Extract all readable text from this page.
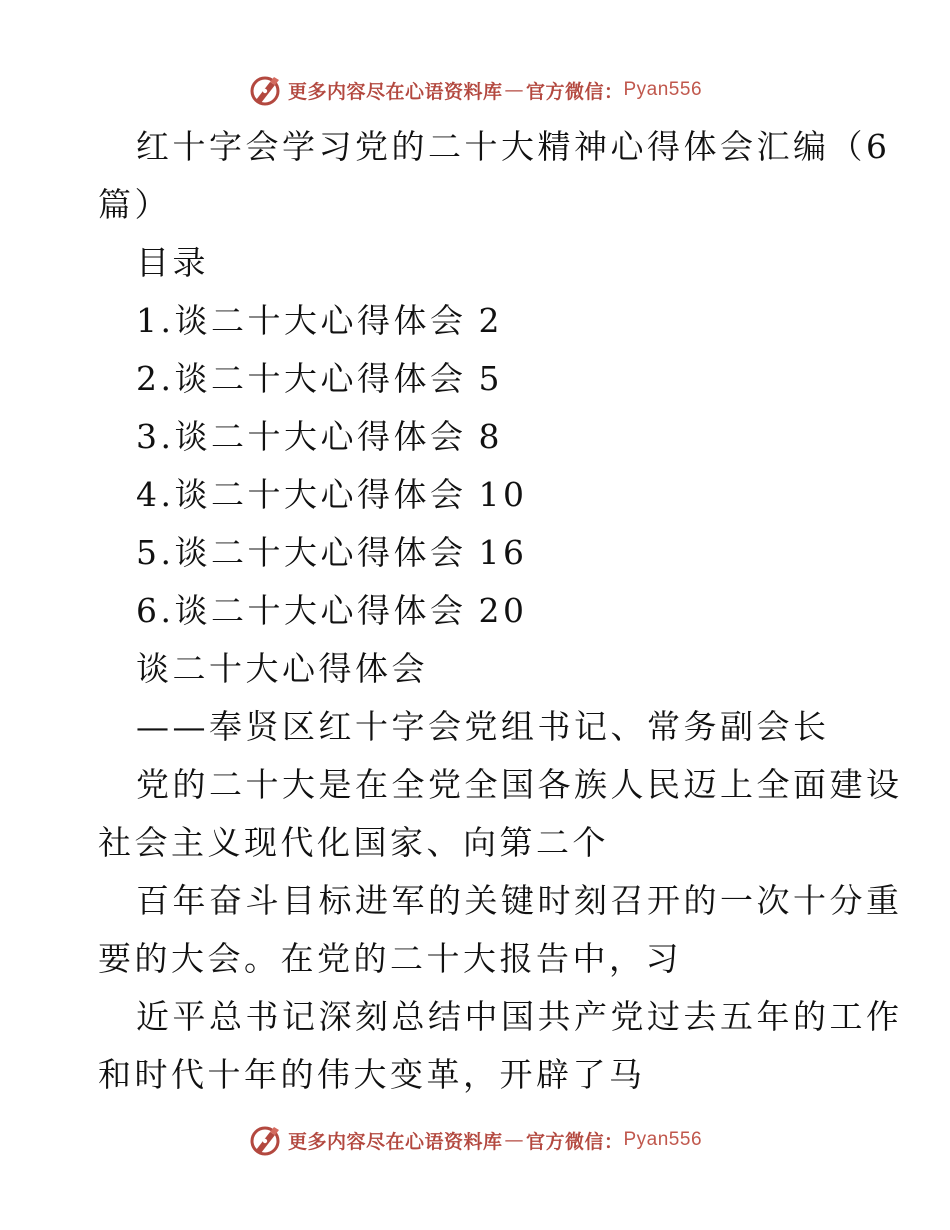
更多内容尽在心语资料库 — 官方微信： Pyan556
红十字会学习党的二十大精神心得体会汇编（6
篇）
目录
1.谈二十大心得体会 2
2.谈二十大心得体会 5
3.谈二十大心得体会 8
4.谈二十大心得体会 10
5.谈二十大心得体会 16
6.谈二十大心得体会 20
谈二十大心得体会
——奉贤区红十字会党组书记、常务副会长
党的二十大是在全党全国各族人民迈上全面建设
社会主义现代化国家、向第二个
百年奋斗目标进军的关键时刻召开的一次十分重
要的大会。在党的二十大报告中，习
近平总书记深刻总结中国共产党过去五年的工作
和时代十年的伟大变革，开辟了马
更多内容尽在心语资料库 — 官方微信： Pyan556
